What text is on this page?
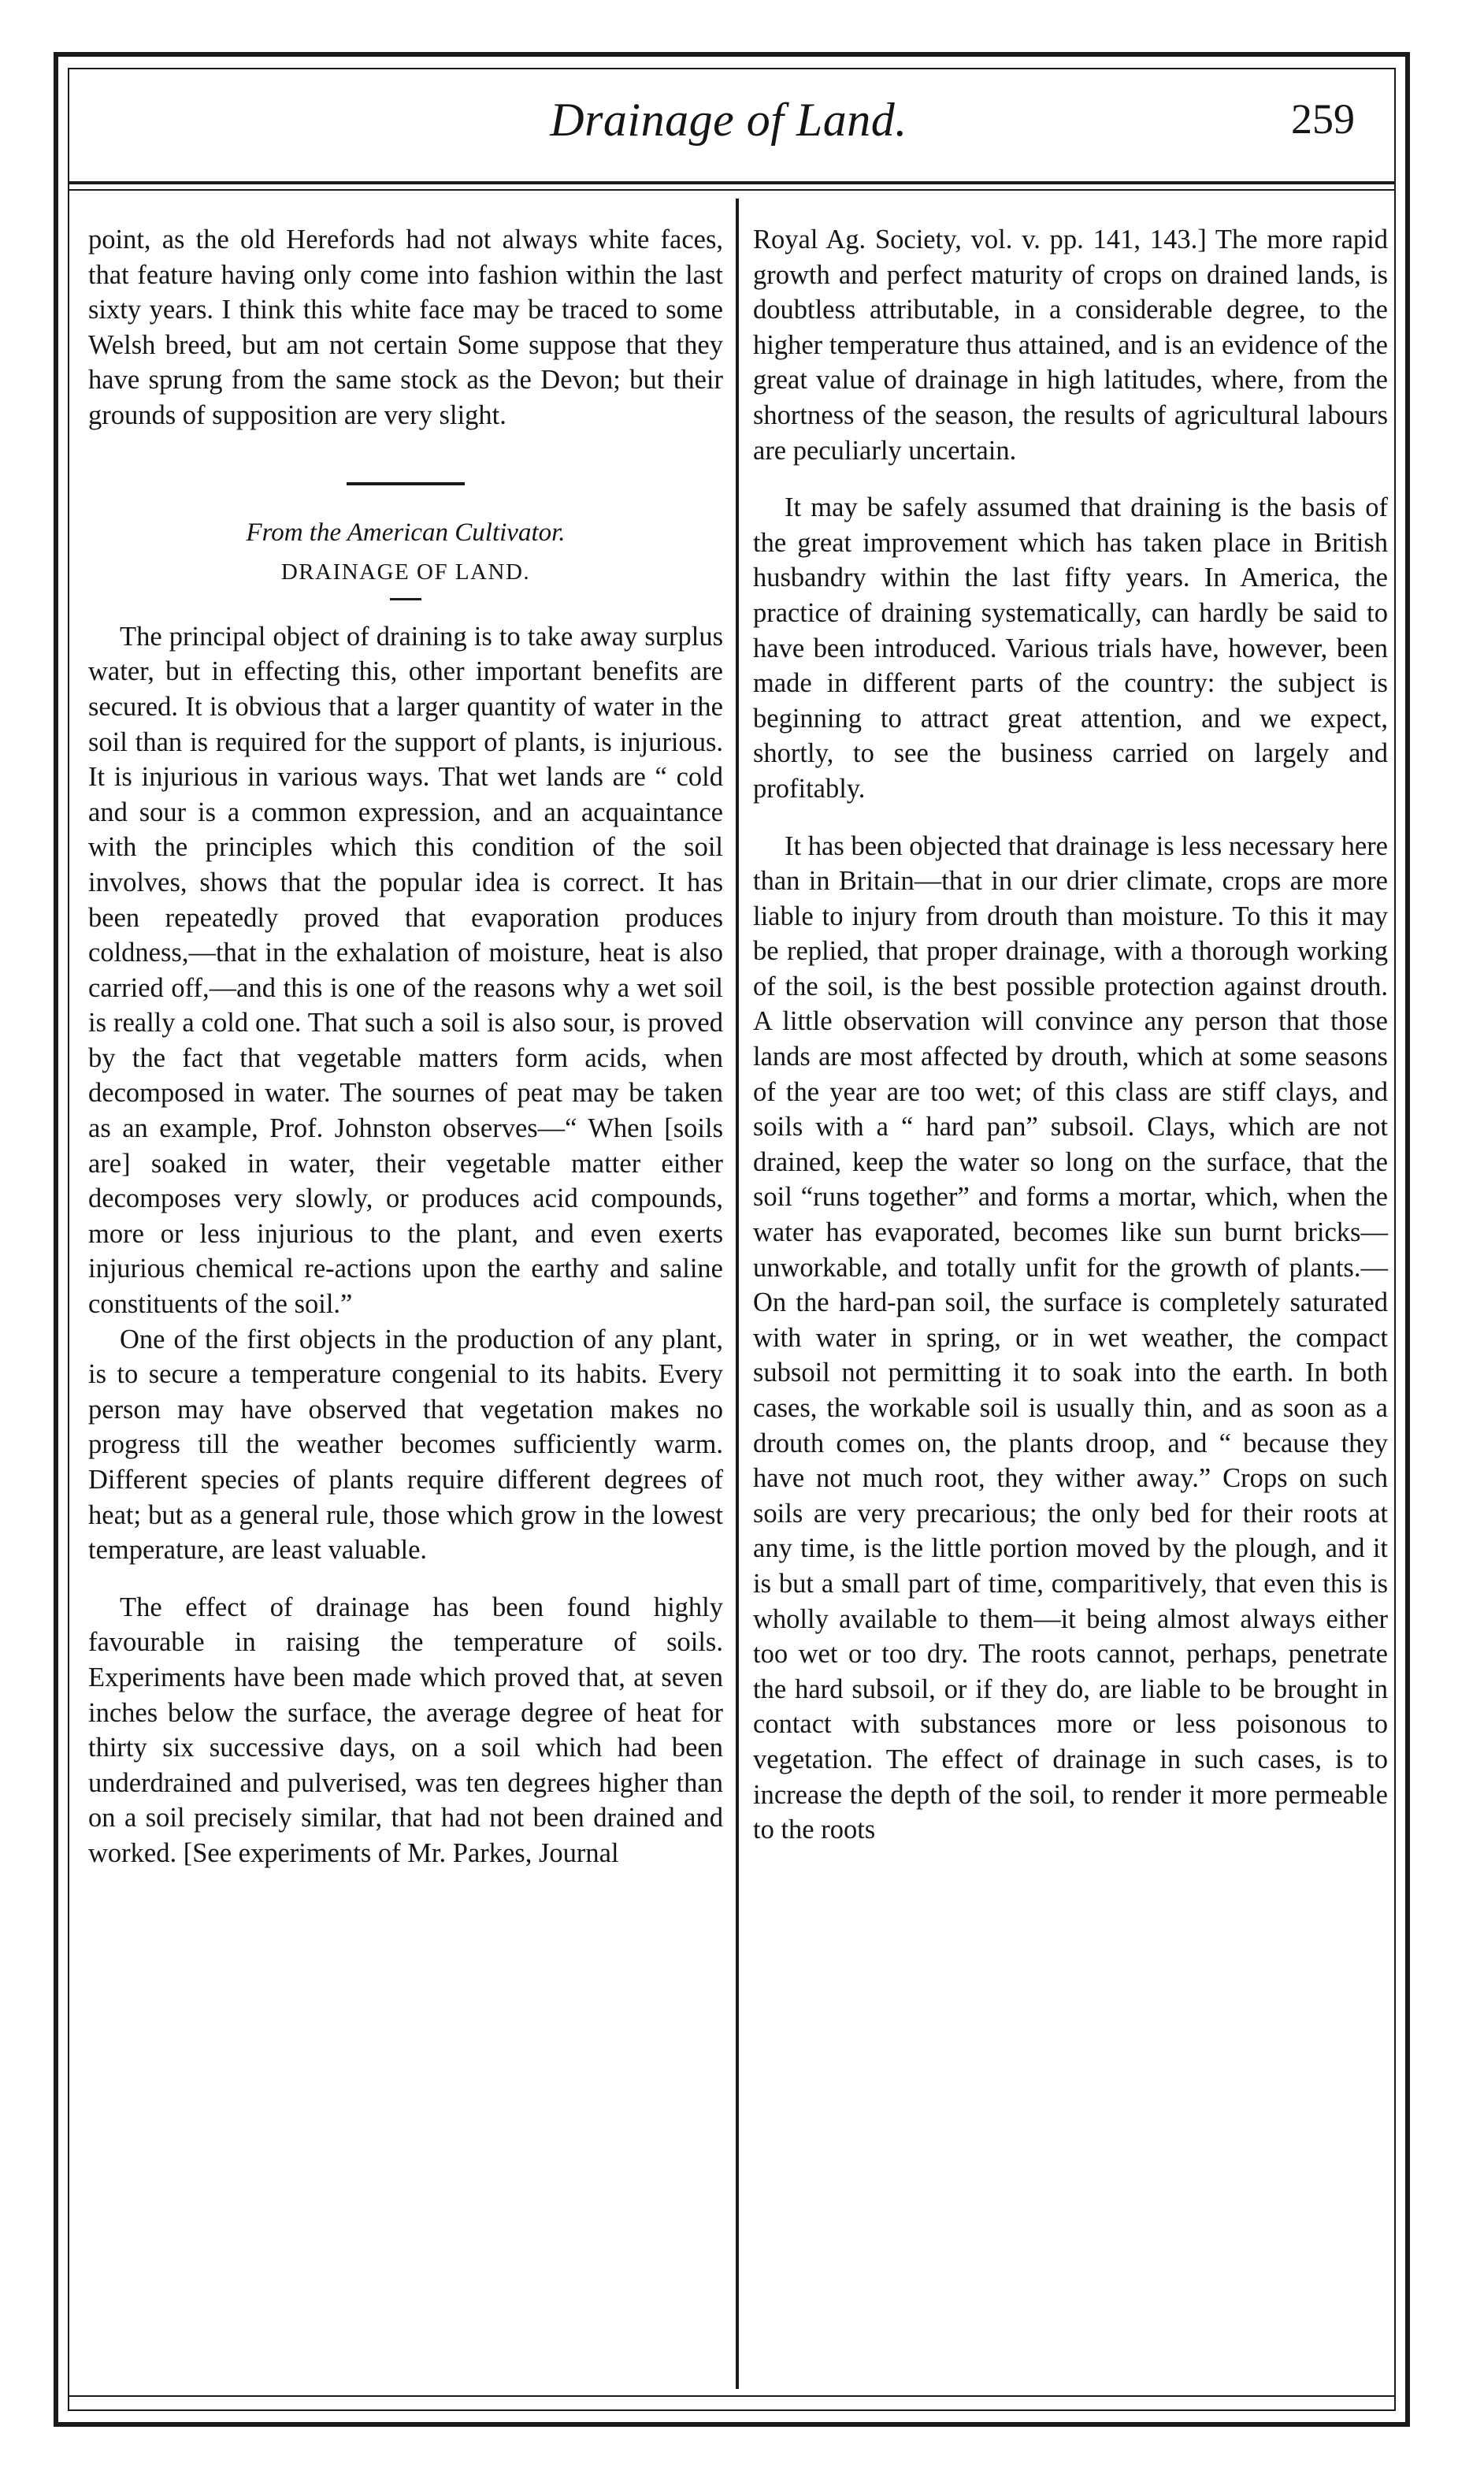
Drainage of Land.	259

point, as the old Herefords had not always white faces, that feature having only come into fashion within the last sixty years. I think this white face may be traced to some Welsh breed, but am not certain Some suppose that they have sprung from the same stock as the Devon; but their grounds of supposition are very slight.

From the American Cultivator.

DRAINAGE OF LAND.

The principal object of draining is to take away surplus water, but in effecting this, other important benefits are secured. It is obvious that a larger quantity of water in the soil than is required for the support of plants, is injurious. It is injurious in various ways. That wet lands are “ cold and sour is a common expression, and an acquaintance with the principles which this condition of the soil involves, shows that the popular idea is correct. It has been repeatedly proved that evaporation produces coldness,—that in the exhalation of moisture, heat is also carried off,—and this is one of the reasons why a wet soil is really a cold one. That such a soil is also sour, is proved by the fact that vegetable matters form acids, when decomposed in water. The sournes of peat may be taken as an example, Prof. Johnston observes—“ When [soils are] soaked in water, their vegetable matter either decomposes very slowly, or produces acid compounds, more or less injurious to the plant, and even exerts injurious chemical re-actions upon the earthy and saline constituents of the soil.”

One of the first objects in the production of any plant, is to secure a temperature congenial to its habits. Every person may have observed that vegetation makes no progress till the weather becomes sufficiently warm. Different species of plants require different degrees of heat; but as a general rule, those which grow in the lowest temperature, are least valuable.

The effect of drainage has been found highly favourable in raising the temperature of soils. Experiments have been made which proved that, at seven inches below the surface, the average degree of heat for thirty six successive days, on a soil which had been underdrained and pulverised, was ten degrees higher than on a soil precisely similar, that had not been drained and worked. [See experiments of Mr. Parkes, Journal

Royal Ag. Society, vol. v. pp. 141, 143.] The more rapid growth and perfect maturity of crops on drained lands, is doubtless attributable, in a considerable degree, to the higher temperature thus attained, and is an evidence of the great value of drainage in high latitudes, where, from the shortness of the season, the results of agricultural labours are peculiarly uncertain.

It may be safely assumed that draining is the basis of the great improvement which has taken place in British husbandry within the last fifty years. In America, the practice of draining systematically, can hardly be said to have been introduced. Various trials have, however, been made in different parts of the country: the subject is beginning to attract great attention, and we expect, shortly, to see the business carried on largely and profitably.

It has been objected that drainage is less necessary here than in Britain—that in our drier climate, crops are more liable to injury from drouth than moisture. To this it may be replied, that proper drainage, with a thorough working of the soil, is the best possible protection against drouth. A little observation will convince any person that those lands are most affected by drouth, which at some seasons of the year are too wet; of this class are stiff clays, and soils with a “ hard pan” subsoil. Clays, which are not drained, keep the water so long on the surface, that the soil “runs together” and forms a mortar, which, when the water has evaporated, becomes like sun burnt bricks—unworkable, and totally unfit for the growth of plants.— On the hard-pan soil, the surface is completely saturated with water in spring, or in wet weather, the compact subsoil not permitting it to soak into the earth. In both cases, the workable soil is usually thin, and as soon as a drouth comes on, the plants droop, and “ because they have not much root, they wither away.” Crops on such soils are very precarious; the only bed for their roots at any time, is the little portion moved by the plough, and it is but a small part of time, comparitively, that even this is wholly available to them—it being almost always either too wet or too dry. The roots cannot, perhaps, penetrate the hard subsoil, or if they do, are liable to be brought in contact with substances more or less poisonous to vegetation. The effect of drainage in such cases, is to increase the depth of the soil, to render it more permeable to the roots
